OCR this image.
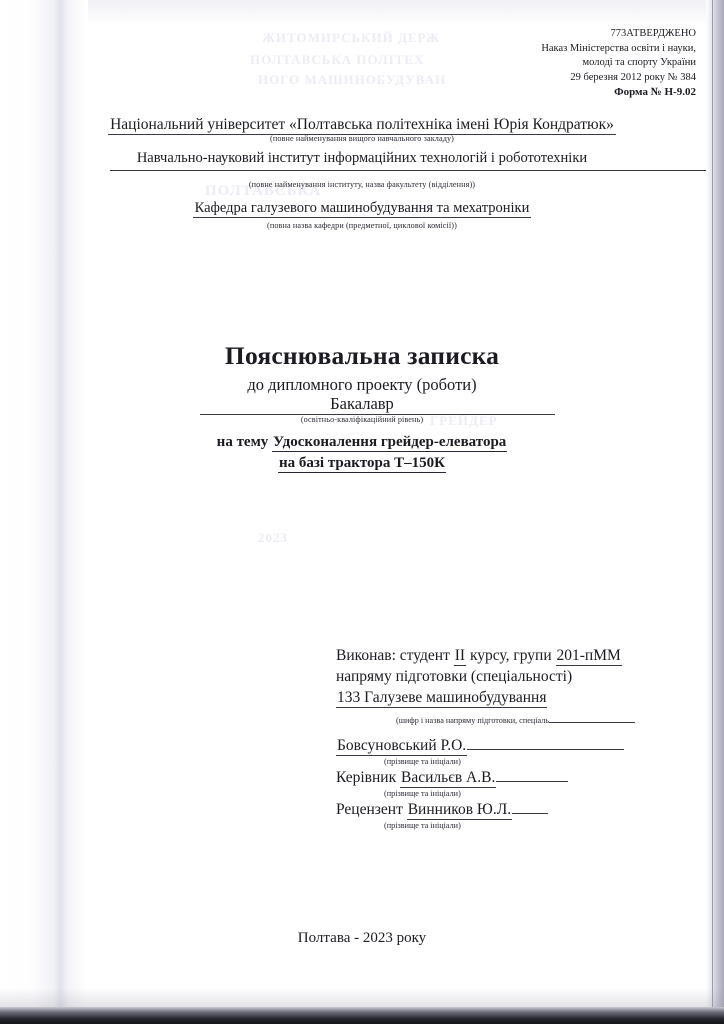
ЖИТОМИРСЬКИЙ ДЕРЖ
ПОЛТАВСЬКА ПОЛІТЕХ
НОГО МАШИНОБУДУВАН
ПОЛТАВСЬКА
2023
ГРЕЙДЕР
773АТВЕРДЖЕНО
Наказ Міністерства освіти і науки,
молоді та спорту України
29 березня 2012 року № 384
Форма № Н-9.02
Національний університет «Полтавська політехніка імені Юрія Кондратюк»
(повне найменування вищого навчального закладу)
Навчально-науковий інститут інформаційних технологій і робототехніки
(повне найменування інституту, назва факультету (відділення))
Кафедра галузевого машинобудування та мехатроніки
(повна назва кафедри (предметної, циклової комісії))
Пояснювальна записка
до дипломного проекту (роботи)
Бакалавр
(освітньо-кваліфікаційний рівень)
на тему Удосконалення грейдер-елеватора
на базі трактора Т–150К
Виконав: студент ІІ курсу, групи 201-пММ
напряму підготовки (спеціальності)
133 Галузеве машинобудування
(шифр і назва напряму підготовки, спеціаль
Бовсуновський Р.О.
(прізвище та ініціали)
Керівник Васильєв А.В.
(прізвище та ініціали)
Рецензент Винников Ю.Л.
(прізвище та ініціали)
Полтава - 2023 року
